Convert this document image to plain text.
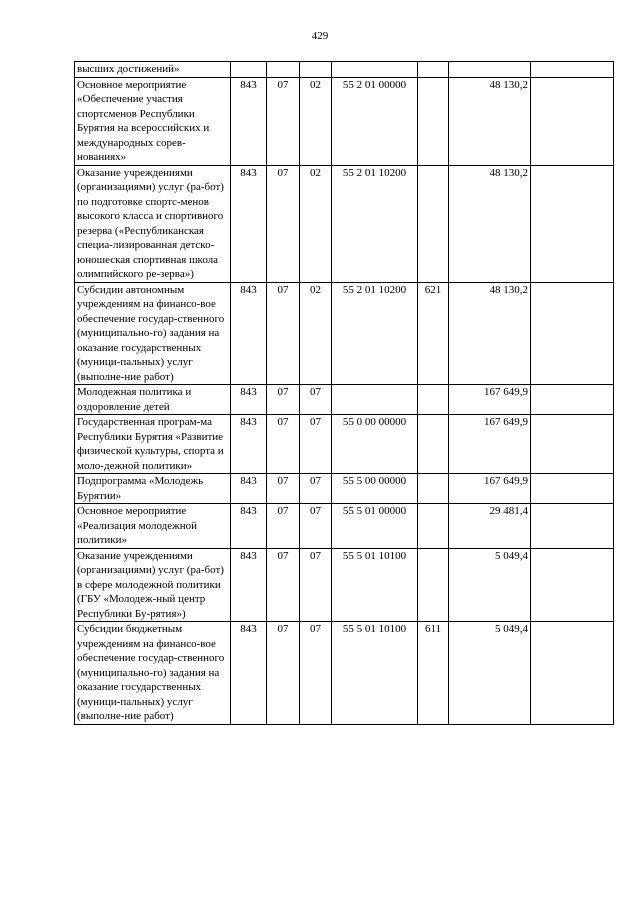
429
высших достижений»							
Основное мероприятие «Обеспечение участия спортсменов Республики Бурятия на всероссийских и международных сорев-нованиях»	843	07	02	55 2 01 00000		48 130,2	
Оказание учреждениями (организациями) услуг (ра-бот) по подготовке спортс-менов высокого класса и спортивного резерва («Республиканская специа-лизированная детско-юношеская спортивная школа олимпийского ре-зерва»)	843	07	02	55 2 01 10200		48 130,2	
Субсидии автономным учреждениям на финансо-вое обеспечение государ-ственного (муниципально-го) задания на оказание государственных (муници-пальных) услуг (выполне-ние работ)	843	07	02	55 2 01 10200	621	48 130,2	
Молодежная политика и оздоровление детей	843	07	07			167 649,9	
Государственная програм-ма Республики Бурятия «Развитие физической культуры, спорта и моло-дежной политики»	843	07	07	55 0 00 00000		167 649,9	
Подпрограмма «Молодежь Бурятии»	843	07	07	55 5 00 00000		167 649,9	
Основное мероприятие «Реализация молодежной политики»	843	07	07	55 5 01 00000		29 481,4	
Оказание учреждениями (организациями) услуг (ра-бот) в сфере молодежной политики (ГБУ «Молодеж-ный центр Республики Бу-рятия»)	843	07	07	55 5 01 10100		5 049,4	
Субсидии бюджетным учреждениям на финансо-вое обеспечение государ-ственного (муниципально-го) задания на оказание государственных (муници-пальных) услуг (выполне-ние работ)	843	07	07	55 5 01 10100	611	5 049,4	
